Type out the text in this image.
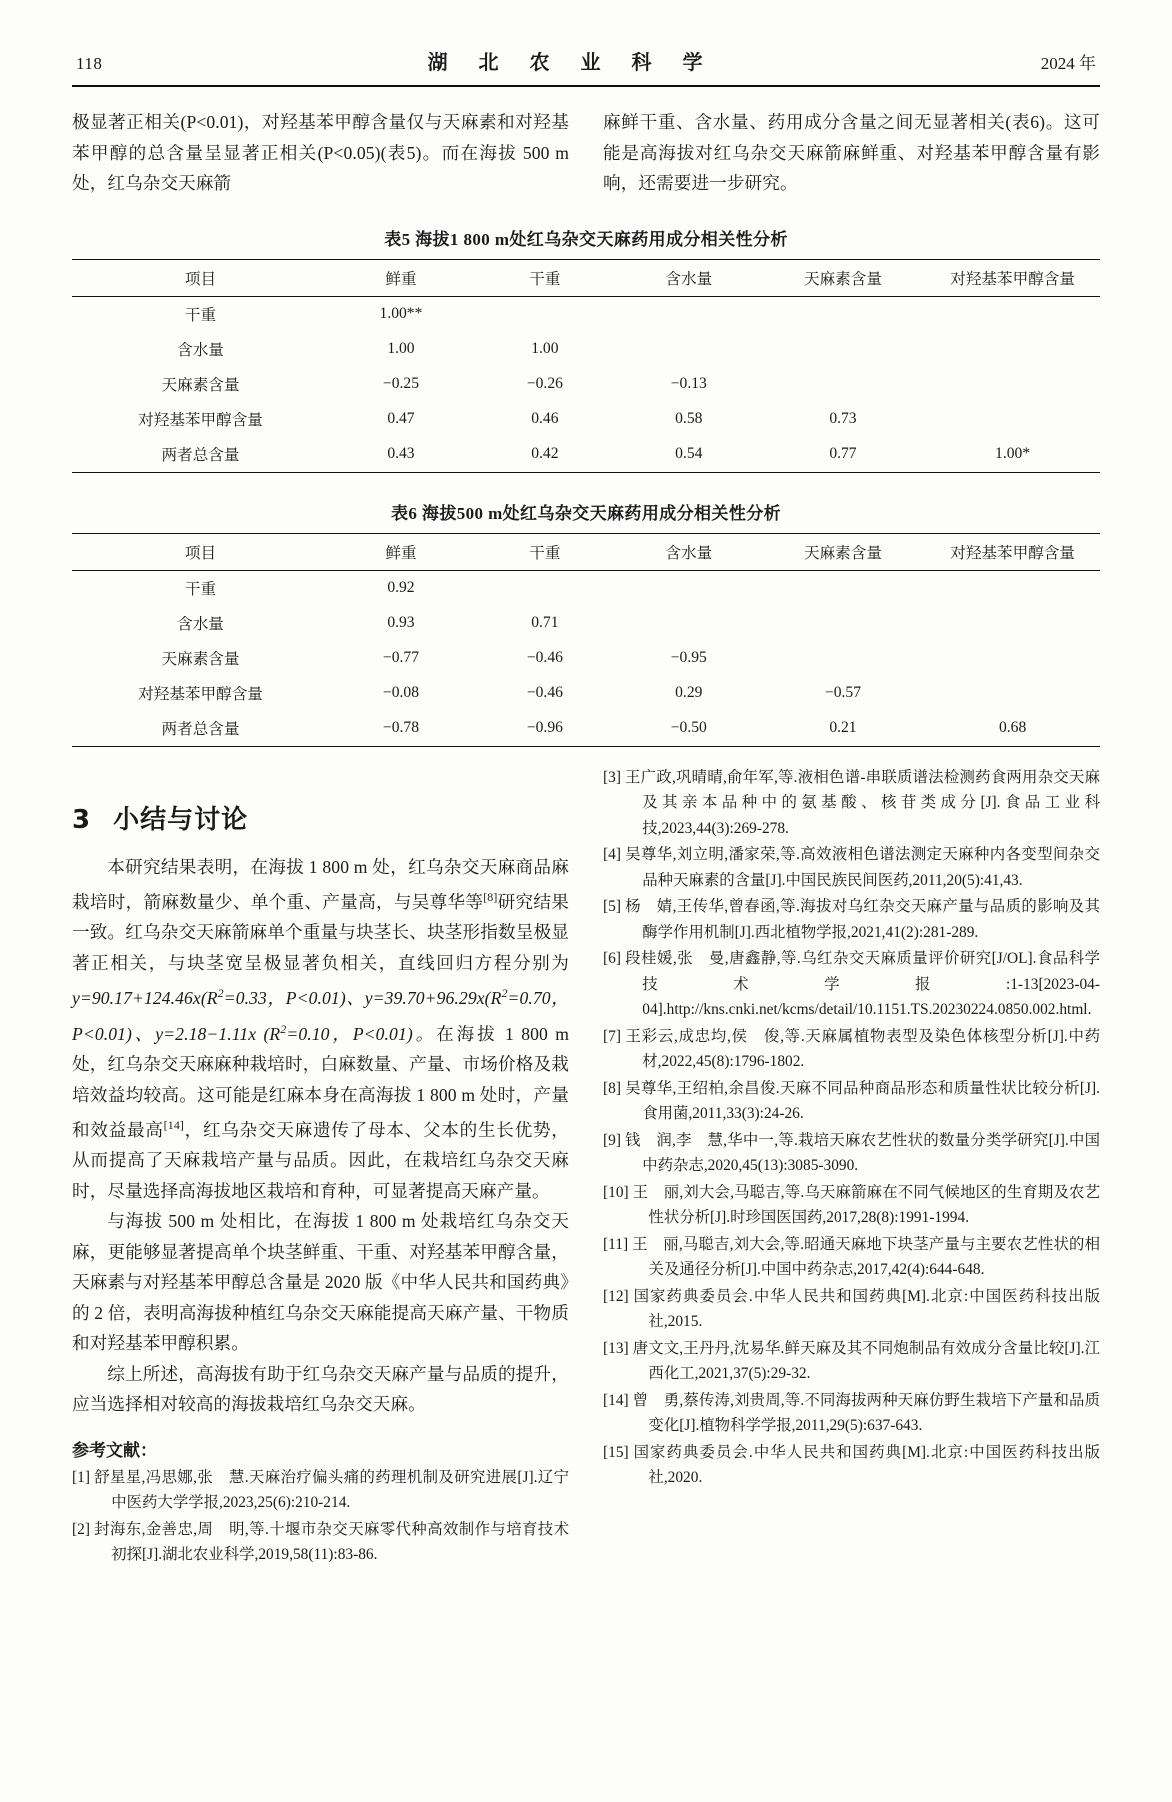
118	湖 北 农 业 科 学	2024 年

极显著正相关(P<0.01)，对羟基苯甲醇含量仅与天麻素和对羟基苯甲醇的总含量呈显著正相关(P<0.05)(表5)。而在海拔 500 m 处，红乌杂交天麻箭

麻鲜干重、含水量、药用成分含量之间无显著相关(表6)。这可能是高海拔对红乌杂交天麻箭麻鲜重、对羟基苯甲醇含量有影响，还需要进一步研究。

表5 海拔1 800 m处红乌杂交天麻药用成分相关性分析
项目	鲜重	干重	含水量	天麻素含量	对羟基苯甲醇含量
干重	1.00**				
含水量	1.00	1.00			
天麻素含量	−0.25	−0.26	−0.13		
对羟基苯甲醇含量	0.47	0.46	0.58	0.73	
两者总含量	0.43	0.42	0.54	0.77	1.00*
表6 海拔500 m处红乌杂交天麻药用成分相关性分析
项目	鲜重	干重	含水量	天麻素含量	对羟基苯甲醇含量
干重	0.92				
含水量	0.93	0.71			
天麻素含量	−0.77	−0.46	−0.95		
对羟基苯甲醇含量	−0.08	−0.46	0.29	−0.57	
两者总含量	−0.78	−0.96	−0.50	0.21	0.68
3 小结与讨论

本研究结果表明，在海拔 1 800 m 处，红乌杂交天麻商品麻栽培时，箭麻数量少、单个重、产量高，与吴尊华等[8]研究结果一致。红乌杂交天麻箭麻单个重量与块茎长、块茎形指数呈极显著正相关，与块茎宽呈极显著负相关，直线回归方程分别为$y=90.17+124.46x(R^2=0.33$，P<0.01)、$y=39.70+96.29x(R^2=0.70$，P<0.01)、y=2.18−1.11x ($R^2=0.10$，P<0.01)。在海拔 1 800 m 处，红乌杂交天麻麻种栽培时，白麻数量、产量、市场价格及栽培效益均较高。这可能是红麻本身在高海拔 1 800 m 处时，产量和效益最高[14]，红乌杂交天麻遗传了母本、父本的生长优势，从而提高了天麻栽培产量与品质。因此，在栽培红乌杂交天麻时，尽量选择高海拔地区栽培和育种，可显著提高天麻产量。

与海拔 500 m 处相比，在海拔 1 800 m 处栽培红乌杂交天麻，更能够显著提高单个块茎鲜重、干重、对羟基苯甲醇含量，天麻素与对羟基苯甲醇总含量是 2020 版《中华人民共和国药典》的 2 倍，表明高海拔种植红乌杂交天麻能提高天麻产量、干物质和对羟基苯甲醇积累。

综上所述，高海拔有助于红乌杂交天麻产量与品质的提升，应当选择相对较高的海拔栽培红乌杂交天麻。

参考文献：
[1] 舒星星,冯思娜,张　慧.天麻治疗偏头痛的药理机制及研究进展[J].辽宁中医药大学学报,2023,25(6):210-214.
[2] 封海东,金善忠,周　明,等.十堰市杂交天麻零代种高效制作与培育技术初探[J].湖北农业科学,2019,58(11):83-86.
[3] 王广政,巩晴晴,俞年军,等.液相色谱-串联质谱法检测药食两用杂交天麻及其亲本品种中的氨基酸、核苷类成分[J].食品工业科技,2023,44(3):269-278.
[4] 吴尊华,刘立明,潘家荣,等.高效液相色谱法测定天麻种内各变型间杂交品种天麻素的含量[J].中国民族民间医药,2011,20(5):41,43.
[5] 杨　婧,王传华,曾春函,等.海拔对乌红杂交天麻产量与品质的影响及其酶学作用机制[J].西北植物学报,2021,41(2):281-289.
[6] 段桂媛,张　曼,唐鑫静,等.乌红杂交天麻质量评价研究[J/OL].食品科学技术学报:1-13[2023-04-04].http://kns.cnki.net/kcms/detail/10.1151.TS.20230224.0850.002.html.
[7] 王彩云,成忠均,侯　俊,等.天麻属植物表型及染色体核型分析[J].中药材,2022,45(8):1796-1802.
[8] 吴尊华,王绍柏,余昌俊.天麻不同品种商品形态和质量性状比较分析[J].食用菌,2011,33(3):24-26.
[9] 钱　润,李　慧,华中一,等.栽培天麻农艺性状的数量分类学研究[J].中国中药杂志,2020,45(13):3085-3090.
[10] 王　丽,刘大会,马聪吉,等.乌天麻箭麻在不同气候地区的生育期及农艺性状分析[J].时珍国医国药,2017,28(8):1991-1994.
[11] 王　丽,马聪吉,刘大会,等.昭通天麻地下块茎产量与主要农艺性状的相关及通径分析[J].中国中药杂志,2017,42(4):644-648.
[12] 国家药典委员会.中华人民共和国药典[M].北京:中国医药科技出版社,2015.
[13] 唐文文,王丹丹,沈易华.鲜天麻及其不同炮制品有效成分含量比较[J].江西化工,2021,37(5):29-32.
[14] 曾　勇,蔡传涛,刘贵周,等.不同海拔两种天麻仿野生栽培下产量和品质变化[J].植物科学学报,2011,29(5):637-643.
[15] 国家药典委员会.中华人民共和国药典[M].北京:中国医药科技出版社,2020.
